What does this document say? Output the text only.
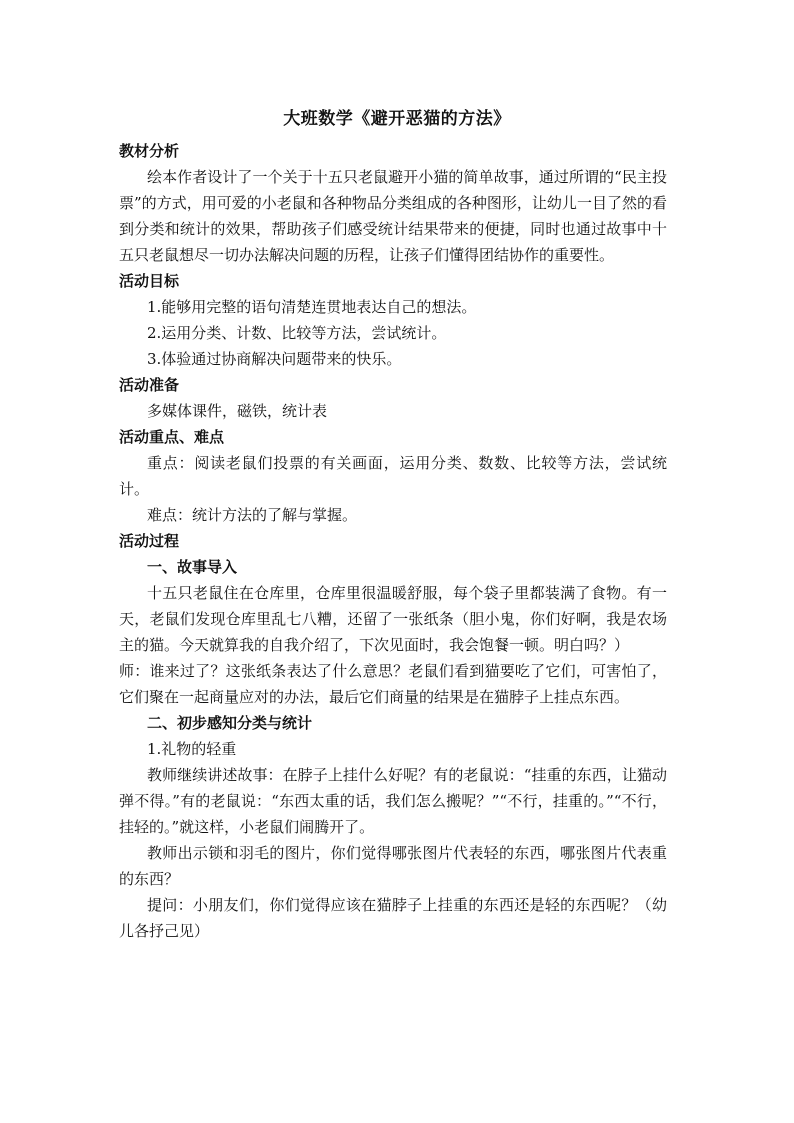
大班数学《避开恶猫的方法》
教材分析

绘本作者设计了一个关于十五只老鼠避开小猫的简单故事，通过所谓的“民主投票”的方式，用可爱的小老鼠和各种物品分类组成的各种图形，让幼儿一目了然的看到分类和统计的效果，帮助孩子们感受统计结果带来的便捷，同时也通过故事中十五只老鼠想尽一切办法解决问题的历程，让孩子们懂得团结协作的重要性。

活动目标
1.能够用完整的语句清楚连贯地表达自己的想法。
2.运用分类、计数、比较等方法，尝试统计。
3.体验通过协商解决问题带来的快乐。
活动准备
多媒体课件，磁铁，统计表
活动重点、难点

重点：阅读老鼠们投票的有关画面，运用分类、数数、比较等方法，尝试统计。

难点：统计方法的了解与掌握。

活动过程
一、故事导入

十五只老鼠住在仓库里，仓库里很温暖舒服，每个袋子里都装满了食物。有一天，老鼠们发现仓库里乱七八糟，还留了一张纸条（胆小鬼，你们好啊，我是农场主的猫。今天就算我的自我介绍了，下次见面时，我会饱餐一顿。明白吗？）

师：谁来过了？这张纸条表达了什么意思？老鼠们看到猫要吃了它们，可害怕了，它们聚在一起商量应对的办法，最后它们商量的结果是在猫脖子上挂点东西。

二、初步感知分类与统计
1.礼物的轻重

教师继续讲述故事：在脖子上挂什么好呢？有的老鼠说：“挂重的东西，让猫动弹不得。”有的老鼠说：“东西太重的话，我们怎么搬呢？”“不行，挂重的。”“不行，挂轻的。”就这样，小老鼠们闹腾开了。

教师出示锁和羽毛的图片，你们觉得哪张图片代表轻的东西，哪张图片代表重的东西？

提问：小朋友们，你们觉得应该在猫脖子上挂重的东西还是轻的东西呢？（幼儿各抒己见）
